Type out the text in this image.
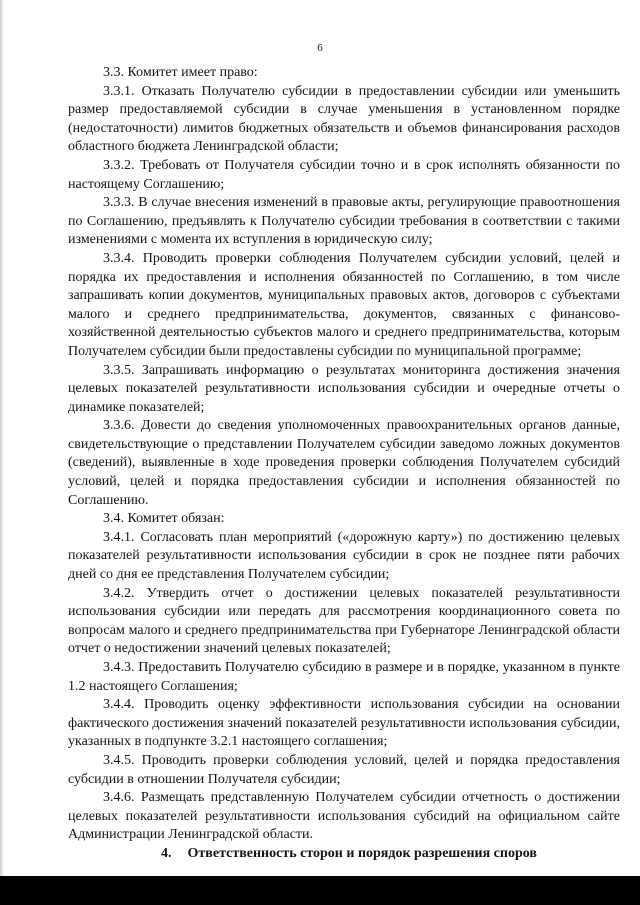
6

3.3. Комитет имеет право:

3.3.1. Отказать Получателю субсидии в предоставлении субсидии или уменьшить размер предоставляемой субсидии в случае уменьшения в установленном порядке (недостаточности) лимитов бюджетных обязательств и объемов финансирования расходов областного бюджета Ленинградской области;

3.3.2. Требовать от Получателя субсидии точно и в срок исполнять обязанности по настоящему Соглашению;

3.3.3. В случае внесения изменений в правовые акты, регулирующие правоотношения по Соглашению, предъявлять к Получателю субсидии требования в соответствии с такими изменениями с момента их вступления в юридическую силу;

3.3.4. Проводить проверки соблюдения Получателем субсидии условий, целей и порядка их предоставления и исполнения обязанностей по Соглашению, в том числе запрашивать копии документов, муниципальных правовых актов, договоров с субъектами малого и среднего предпринимательства, документов, связанных с финансово-хозяйственной деятельностью субъектов малого и среднего предпринимательства, которым Получателем субсидии были предоставлены субсидии по муниципальной программе;

3.3.5. Запрашивать информацию о результатах мониторинга достижения значения целевых показателей результативности использования субсидии и очередные отчеты о динамике показателей;

3.3.6. Довести до сведения уполномоченных правоохранительных органов данные, свидетельствующие о представлении Получателем субсидии заведомо ложных документов (сведений), выявленные в ходе проведения проверки соблюдения Получателем субсидий условий, целей и порядка предоставления субсидии и исполнения обязанностей по Соглашению.

3.4. Комитет обязан:

3.4.1. Согласовать план мероприятий («дорожную карту») по достижению целевых показателей результативности использования субсидии в срок не позднее пяти рабочих дней со дня ее представления Получателем субсидии;

3.4.2. Утвердить отчет о достижении целевых показателей результативности использования субсидии или передать для рассмотрения координационного совета по вопросам малого и среднего предпринимательства при Губернаторе Ленинградской области отчет о недостижении значений целевых показателей;

3.4.3. Предоставить Получателю субсидию в размере и в порядке, указанном в пункте 1.2 настоящего Соглашения;

3.4.4. Проводить оценку эффективности использования субсидии на основании фактического достижения значений показателей результативности использования субсидии, указанных в подпункте 3.2.1 настоящего соглашения;

3.4.5. Проводить проверки соблюдения условий, целей и порядка предоставления субсидии в отношении Получателя субсидии;

3.4.6. Размещать представленную Получателем субсидии отчетность о достижении целевых показателей результативности использования субсидий на официальном сайте Администрации Ленинградской области.

4. Ответственность сторон и порядок разрешения споров
